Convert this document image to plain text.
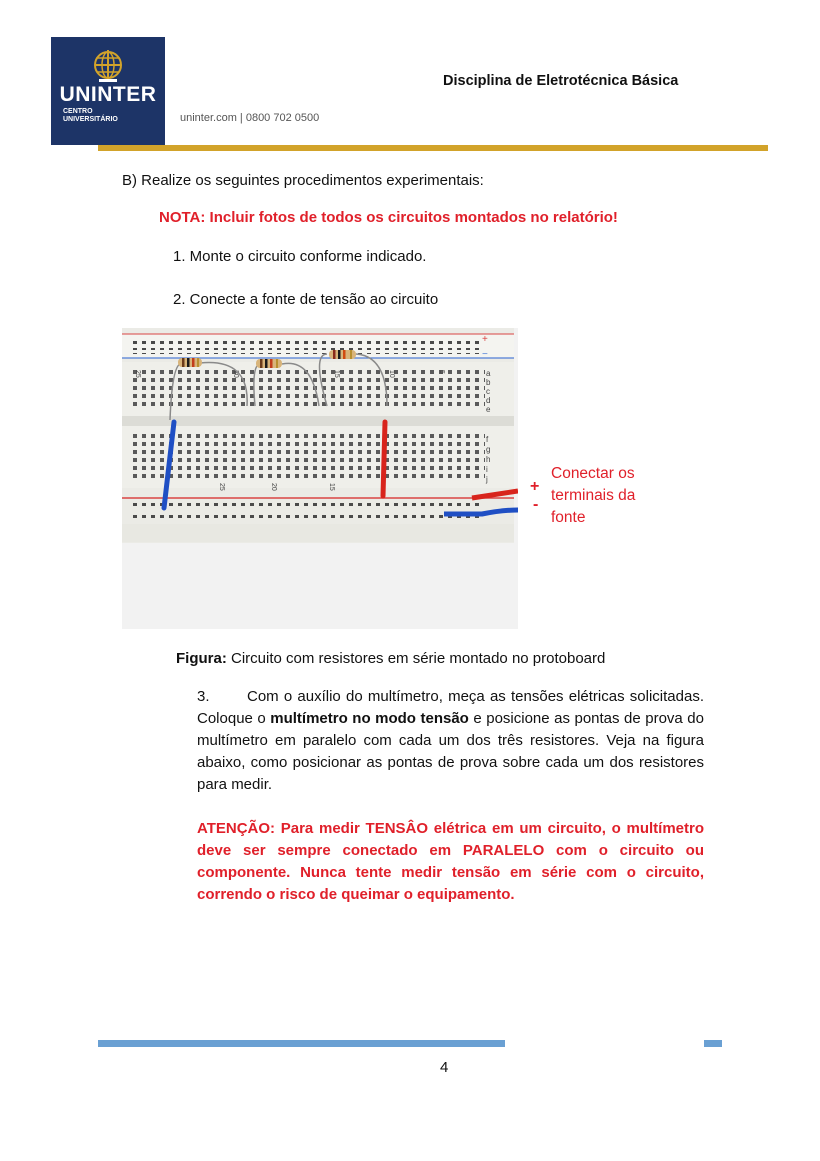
UNINTER
CENTRO
UNIVERSITÁRIO	uninter.com | 0800 702 0500
Disciplina de Eletrotécnica Básica
B) Realize os seguintes procedimentos experimentais:
NOTA: Incluir fotos de todos os circuitos montados no relatório!
1. Monte o circuito conforme indicado.
2. Conecte a fonte de tensão ao circuito
25	20	15	10	5
25	20	15
a
b
c
d
e
f
g
h
i
j
+
−
+
-
Conectar os
terminais da
fonte
Figura: Circuito com resistores em série montado no protoboard
3. Com o auxílio do multímetro, meça as tensões elétricas solicitadas. Coloque o multímetro no modo tensão e posicione as pontas de prova do multímetro em paralelo com cada um dos três resistores. Veja na figura abaixo, como posicionar as pontas de prova sobre cada um dos resistores para medir.
ATENÇÃO: Para medir TENSÂO elétrica em um circuito, o multímetro deve ser sempre conectado em PARALELO com o circuito ou componente. Nunca tente medir tensão em série com o circuito, correndo o risco de queimar o equipamento.
4
